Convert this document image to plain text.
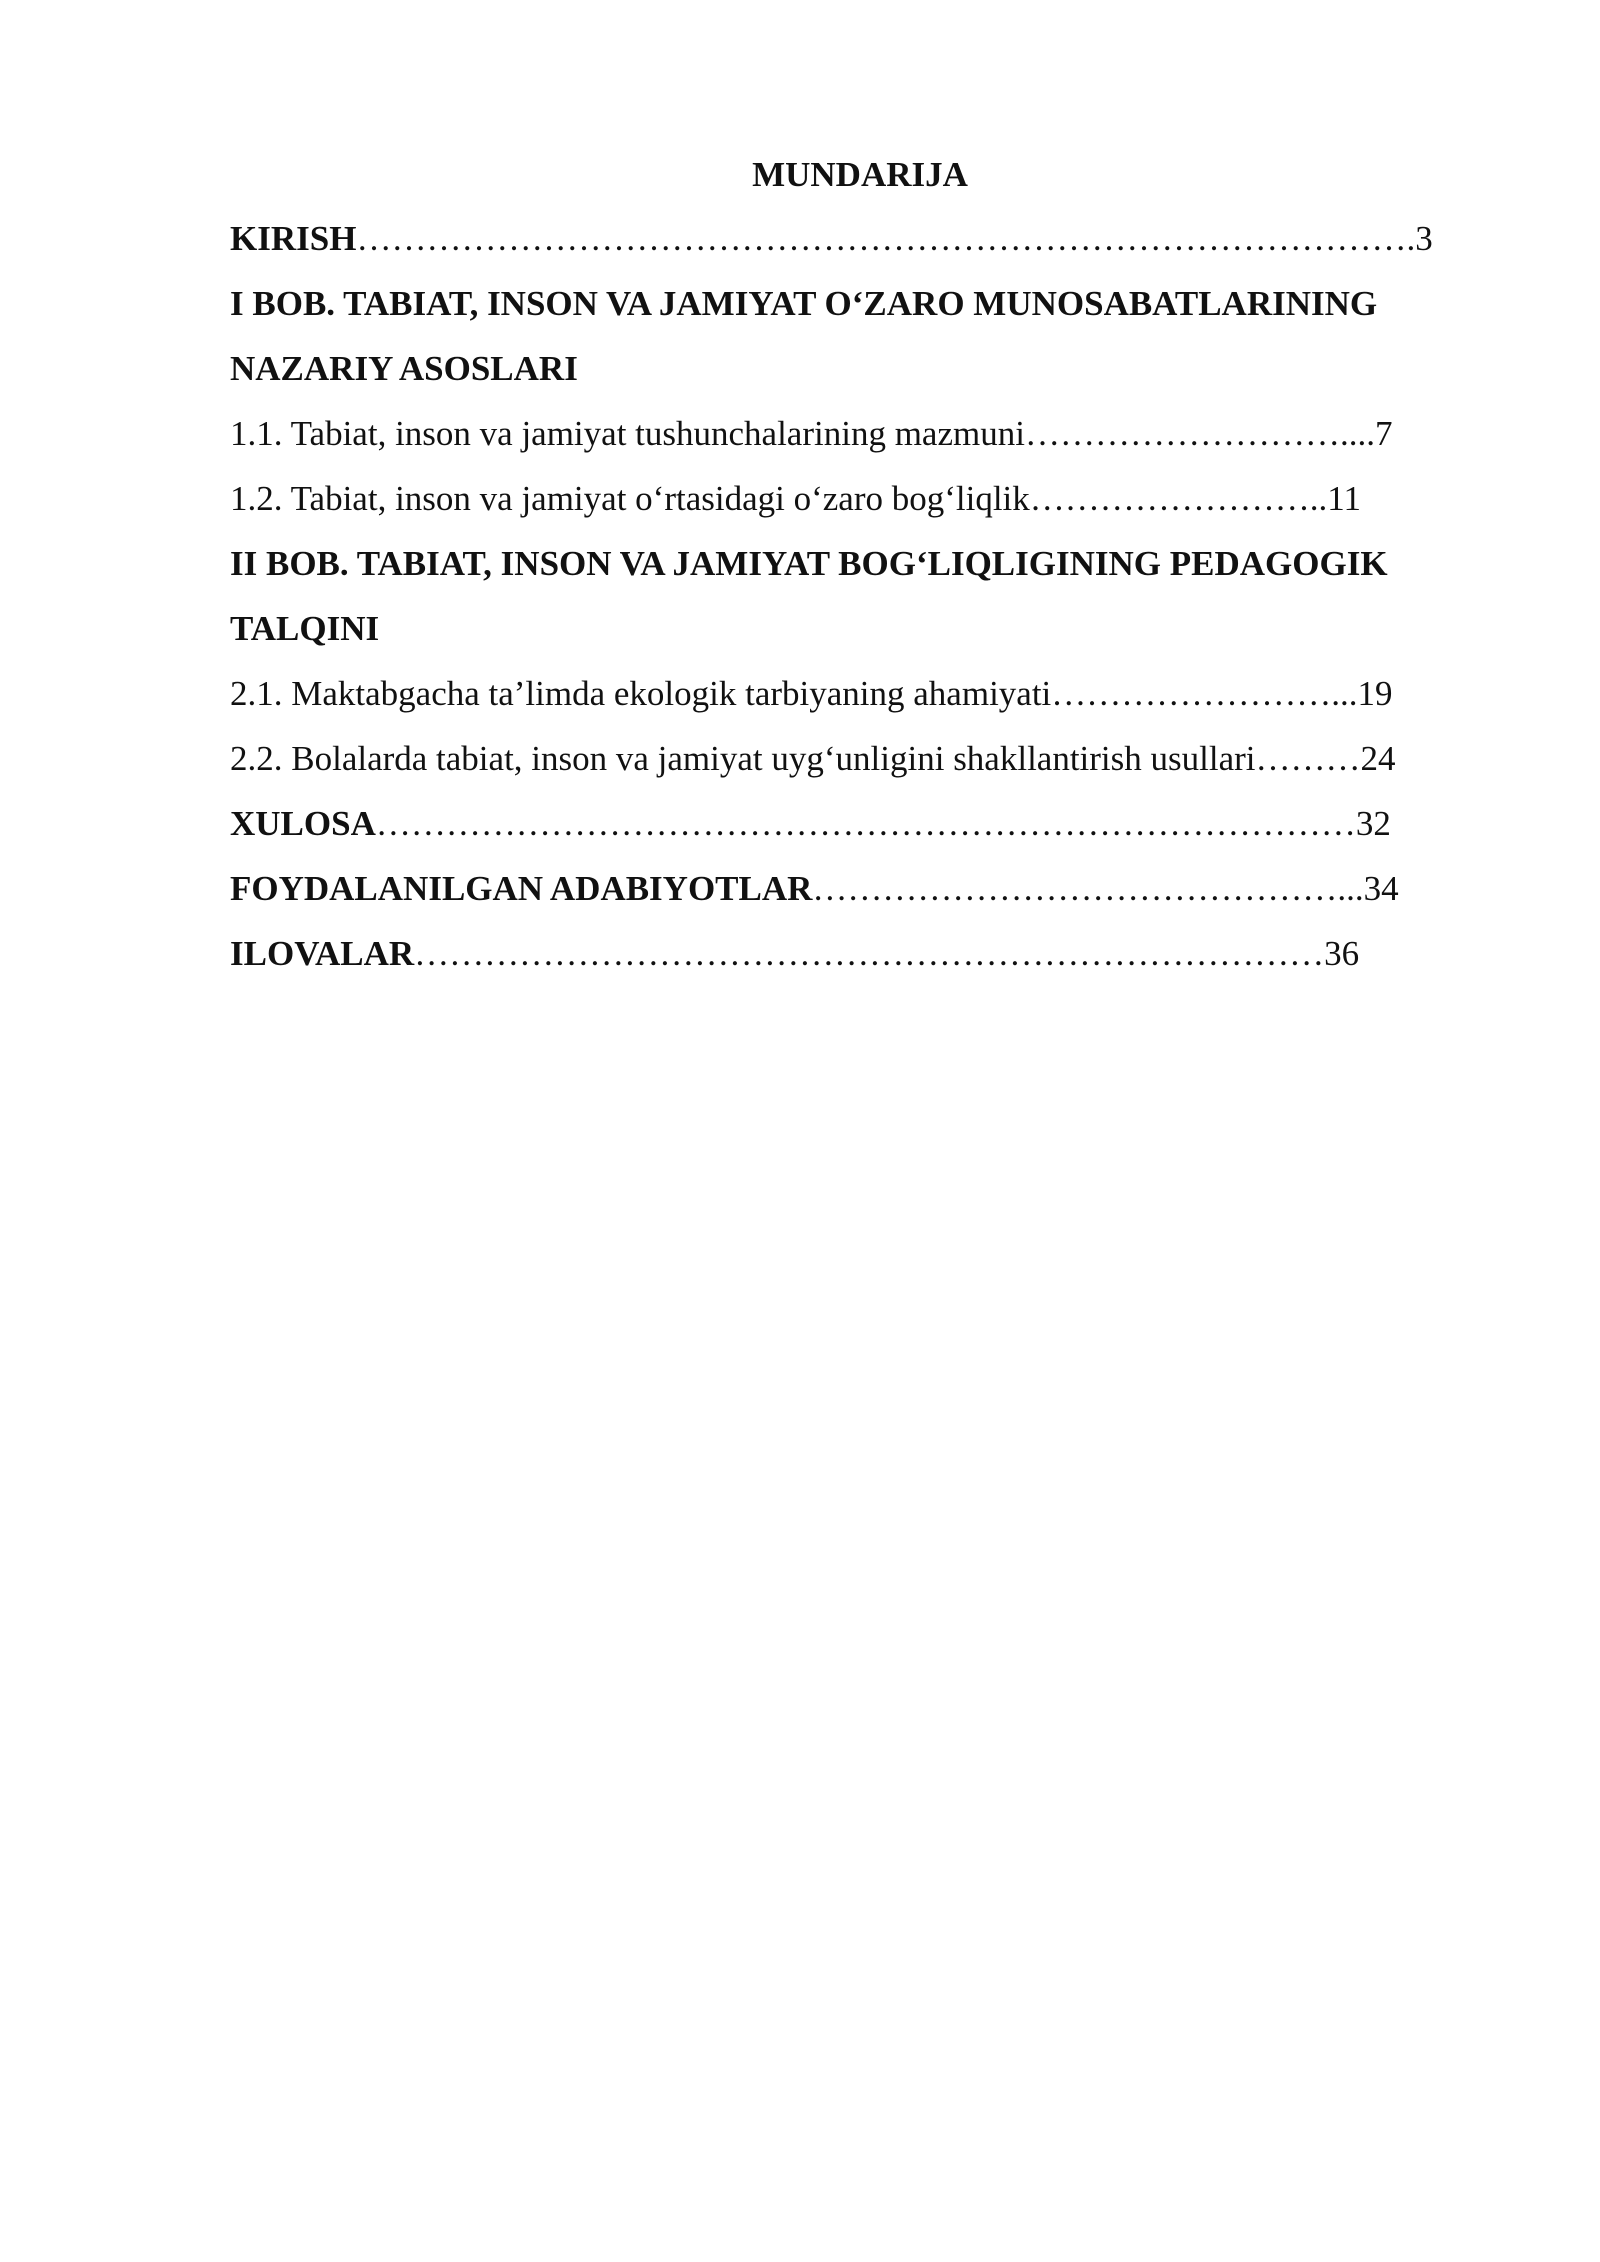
MUNDARIJA
KIRISH……………………………………………………………………………….3
I BOB. TABIAT, INSON VA JAMIYAT O‘ZARO MUNOSABATLARINING
NAZARIY ASOSLARI
1.1. Tabiat, inson va jamiyat tushunchalarining mazmuni………………………....7
1.2. Tabiat, inson va jamiyat o‘rtasidagi o‘zaro bog‘liqlik……………………..11
II BOB. TABIAT, INSON VA JAMIYAT BOG‘LIQLIGINING PEDAGOGIK
TALQINI
2.1. Maktabgacha ta’limda ekologik tarbiyaning ahamiyati……………………...19
2.2. Bolalarda tabiat, inson va jamiyat uyg‘unligini shakllantirish usullari………24
XULOSA…………………………………………………………………………32
FOYDALANILGAN ADABIYOTLAR………………………………………...34
ILOVALAR……………………………………………………………………36
